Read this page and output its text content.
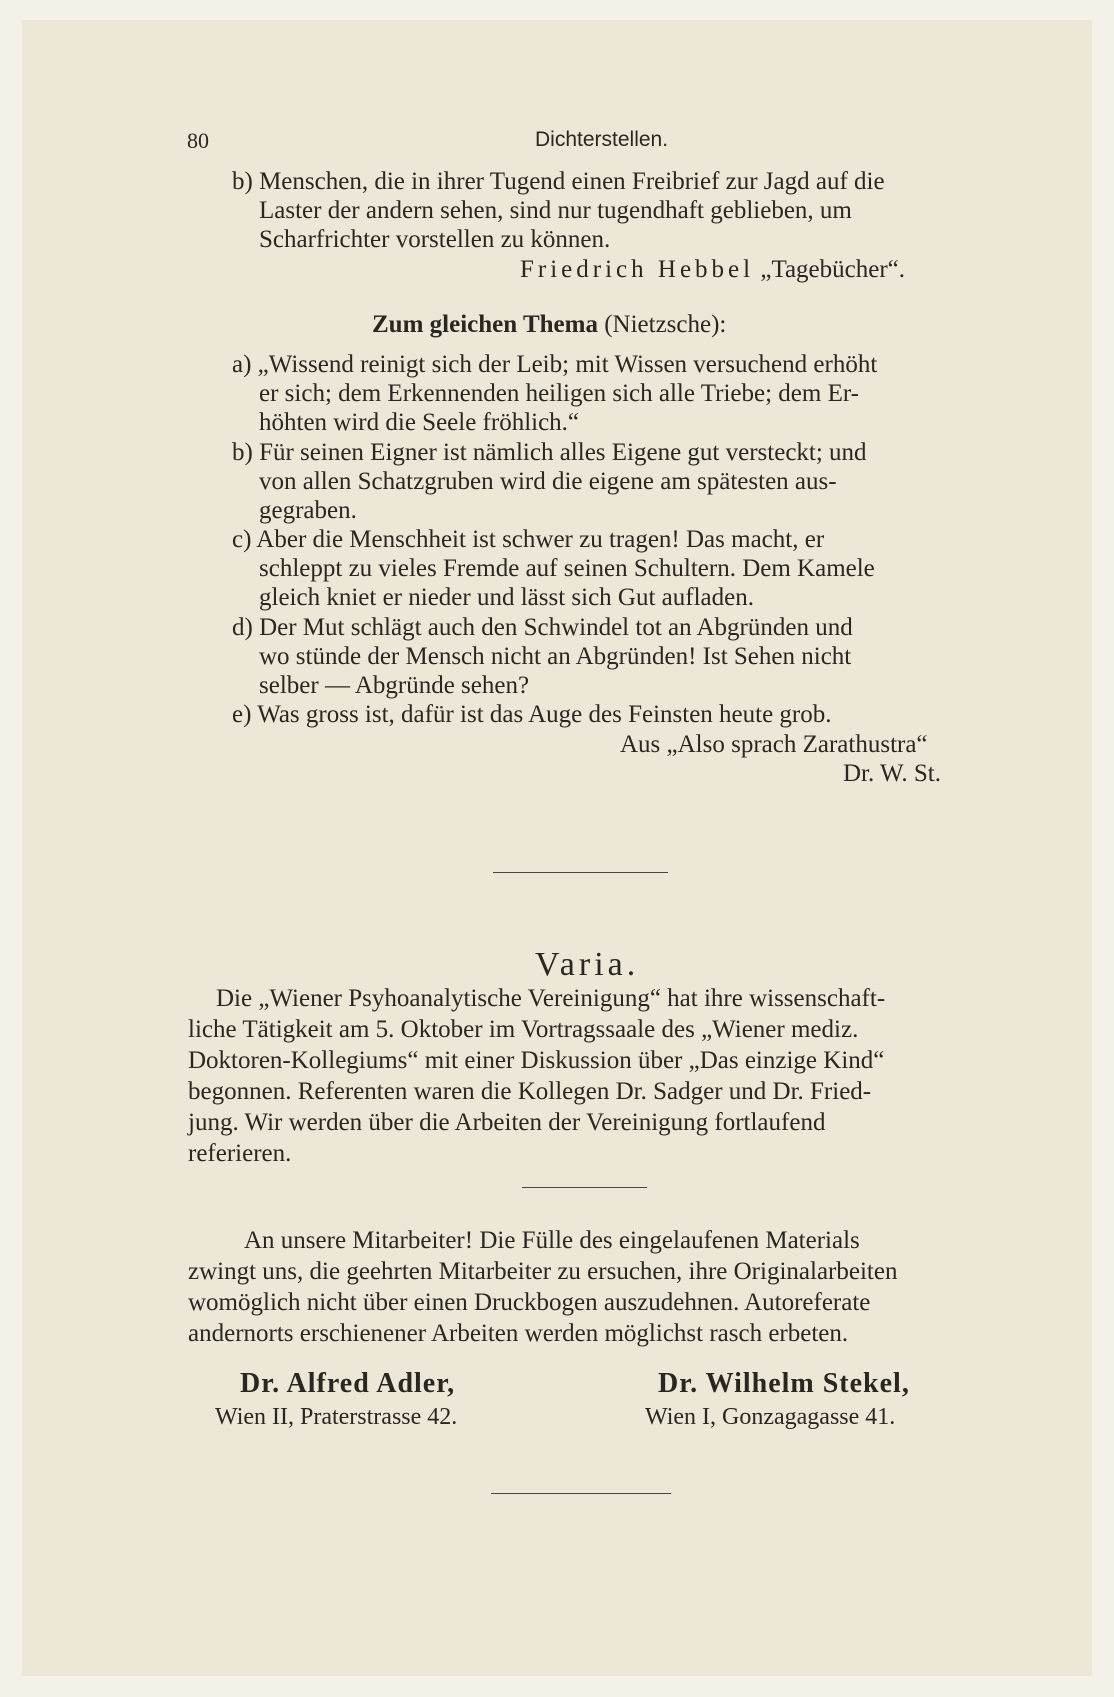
80	Dichterstellen.
b) Menschen, die in ihrer Tugend einen Freibrief zur Jagd auf die
Laster der andern sehen, sind nur tugendhaft geblieben, um
Scharfrichter vorstellen zu können.
Friedrich Hebbel „Tagebücher“.
Zum gleichen Thema (Nietzsche):
a) „Wissend reinigt sich der Leib; mit Wissen versuchend erhöht
er sich; dem Erkennenden heiligen sich alle Triebe; dem Er-
höhten wird die Seele fröhlich.“
b) Für seinen Eigner ist nämlich alles Eigene gut versteckt; und
von allen Schatzgruben wird die eigene am spätesten aus-
gegraben.
c) Aber die Menschheit ist schwer zu tragen! Das macht, er
schleppt zu vieles Fremde auf seinen Schultern. Dem Kamele
gleich kniet er nieder und lässt sich Gut aufladen.
d) Der Mut schlägt auch den Schwindel tot an Abgründen und
wo stünde der Mensch nicht an Abgründen! Ist Sehen nicht
selber — Abgründe sehen?
e) Was gross ist, dafür ist das Auge des Feinsten heute grob.
Aus „Also sprach Zarathustra“
Dr. W. St.
Varia.
Die „Wiener Psyhoanalytische Vereinigung“ hat ihre wissenschaft-
liche Tätigkeit am 5. Oktober im Vortragssaale des „Wiener mediz.
Doktoren-Kollegiums“ mit einer Diskussion über „Das einzige Kind“
begonnen. Referenten waren die Kollegen Dr. Sadger und Dr. Fried-
jung. Wir werden über die Arbeiten der Vereinigung fortlaufend
referieren.
An unsere Mitarbeiter! Die Fülle des eingelaufenen Materials
zwingt uns, die geehrten Mitarbeiter zu ersuchen, ihre Originalarbeiten
womöglich nicht über einen Druckbogen auszudehnen. Autoreferate
andernorts erschienener Arbeiten werden möglichst rasch erbeten.
Dr. Alfred Adler,
Wien II, Praterstrasse 42.
Dr. Wilhelm Stekel,
Wien I, Gonzagagasse 41.
